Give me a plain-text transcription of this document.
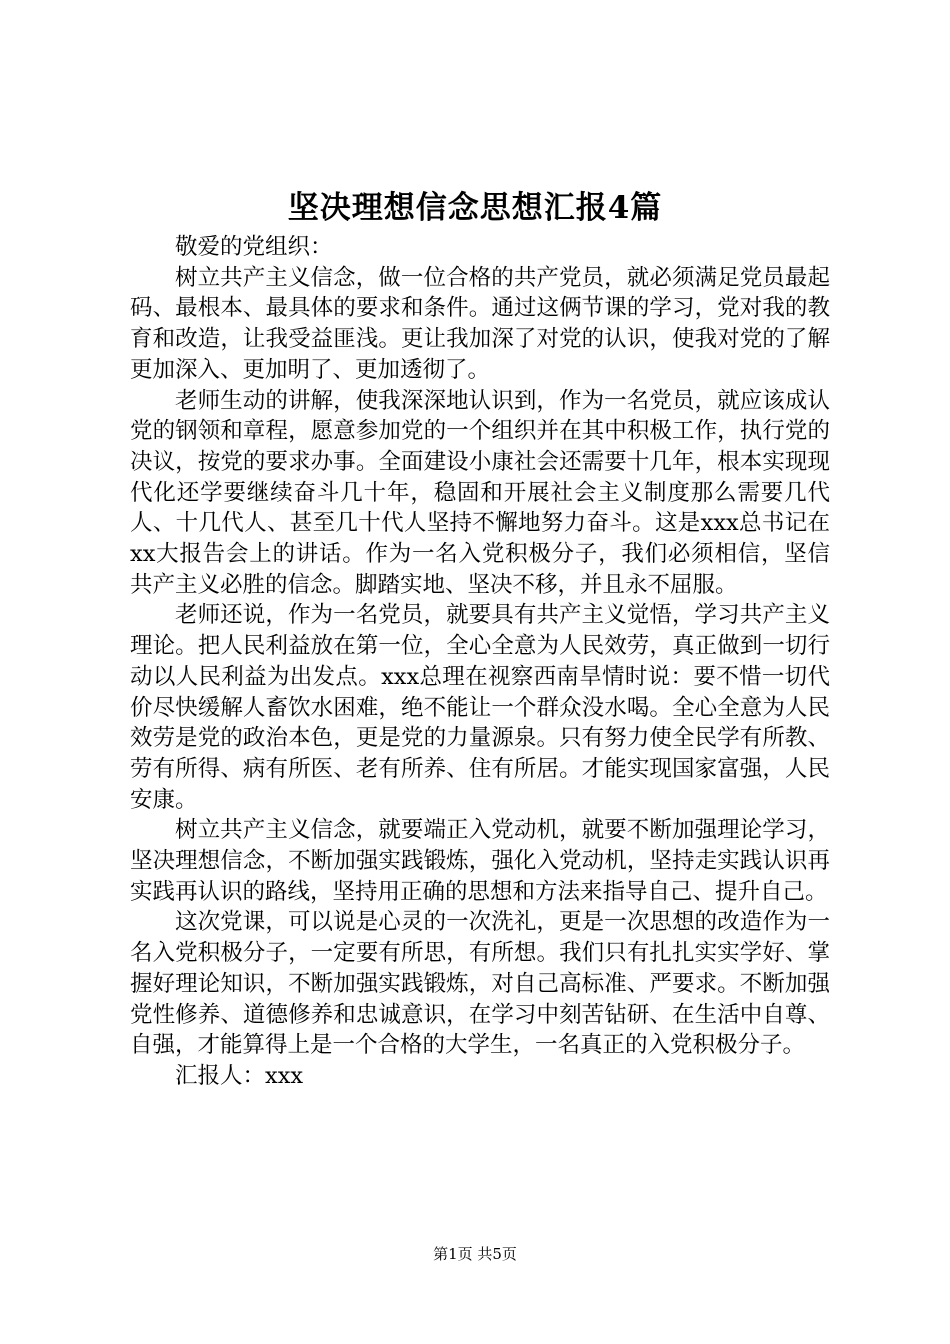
坚决理想信念思想汇报4篇

敬爱的党组织：

树立共产主义信念，做一位合格的共产党员，就必须满足党员最起码、最根本、最具体的要求和条件。通过这俩节课的学习，党对我的教育和改造，让我受益匪浅。更让我加深了对党的认识，使我对党的了解更加深入、更加明了、更加透彻了。

老师生动的讲解，使我深深地认识到，作为一名党员，就应该成认党的钢领和章程，愿意参加党的一个组织并在其中积极工作，执行党的决议，按党的要求办事。全面建设小康社会还需要十几年，根本实现现代化还学要继续奋斗几十年，稳固和开展社会主义制度那么需要几代人、十几代人、甚至几十代人坚持不懈地努力奋斗。这是xxx总书记在xx大报告会上的讲话。作为一名入党积极分子，我们必须相信，坚信共产主义必胜的信念。脚踏实地、坚决不移，并且永不屈服。

老师还说，作为一名党员，就要具有共产主义觉悟，学习共产主义理论。把人民利益放在第一位，全心全意为人民效劳，真正做到一切行动以人民利益为出发点。xxx总理在视察西南旱情时说：要不惜一切代价尽快缓解人畜饮水困难，绝不能让一个群众没水喝。全心全意为人民效劳是党的政治本色，更是党的力量源泉。只有努力使全民学有所教、劳有所得、病有所医、老有所养、住有所居。才能实现国家富强，人民安康。

树立共产主义信念，就要端正入党动机，就要不断加强理论学习，坚决理想信念，不断加强实践锻炼，强化入党动机，坚持走实践认识再实践再认识的路线，坚持用正确的思想和方法来指导自己、提升自己。

这次党课，可以说是心灵的一次洗礼，更是一次思想的改造作为一名入党积极分子，一定要有所思，有所想。我们只有扎扎实实学好、掌握好理论知识，不断加强实践锻炼，对自己高标准、严要求。不断加强党性修养、道德修养和忠诚意识，在学习中刻苦钻研、在生活中自尊、自强，才能算得上是一个合格的大学生，一名真正的入党积极分子。

汇报人：xxx

第1页 共5页
